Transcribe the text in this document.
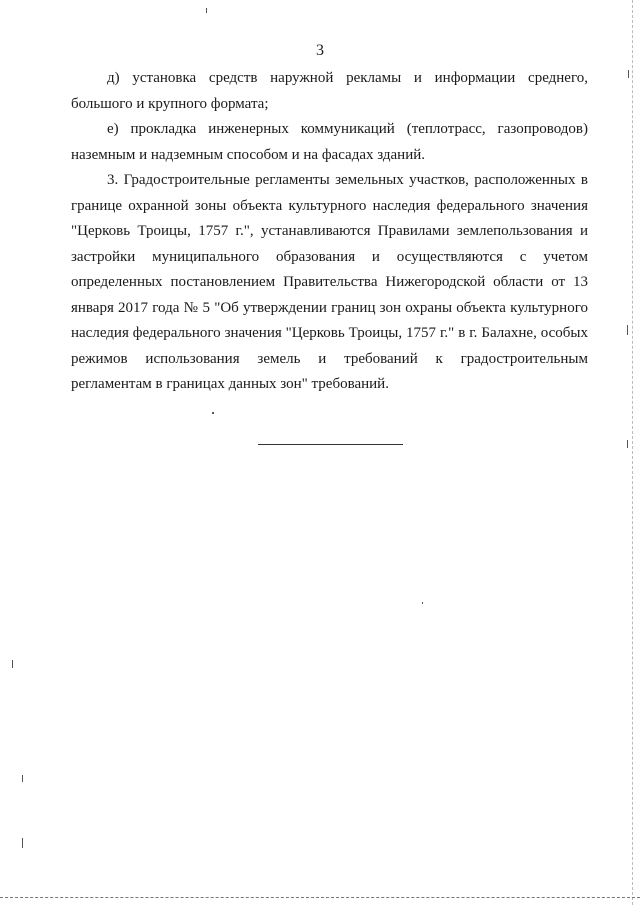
3

д) установка средств наружной рекламы и информации среднего, большого и крупного формата;

е) прокладка инженерных коммуникаций (теплотрасс, газопроводов) наземным и надземным способом и на фасадах зданий.

3. Градостроительные регламенты земельных участков, расположенных в границе охранной зоны объекта культурного наследия федерального значения "Церковь Троицы, 1757 г.", устанавливаются Правилами землепользования и застройки муниципального образования и осуществляются с учетом определенных постановлением Правительства Нижегородской области от 13 января 2017 года № 5 "Об утверждении границ зон охраны объекта культурного наследия федерального значения "Церковь Троицы, 1757 г." в г. Балахне, особых режимов использования земель и требований к градостроительным регламентам в границах данных зон" требований.
